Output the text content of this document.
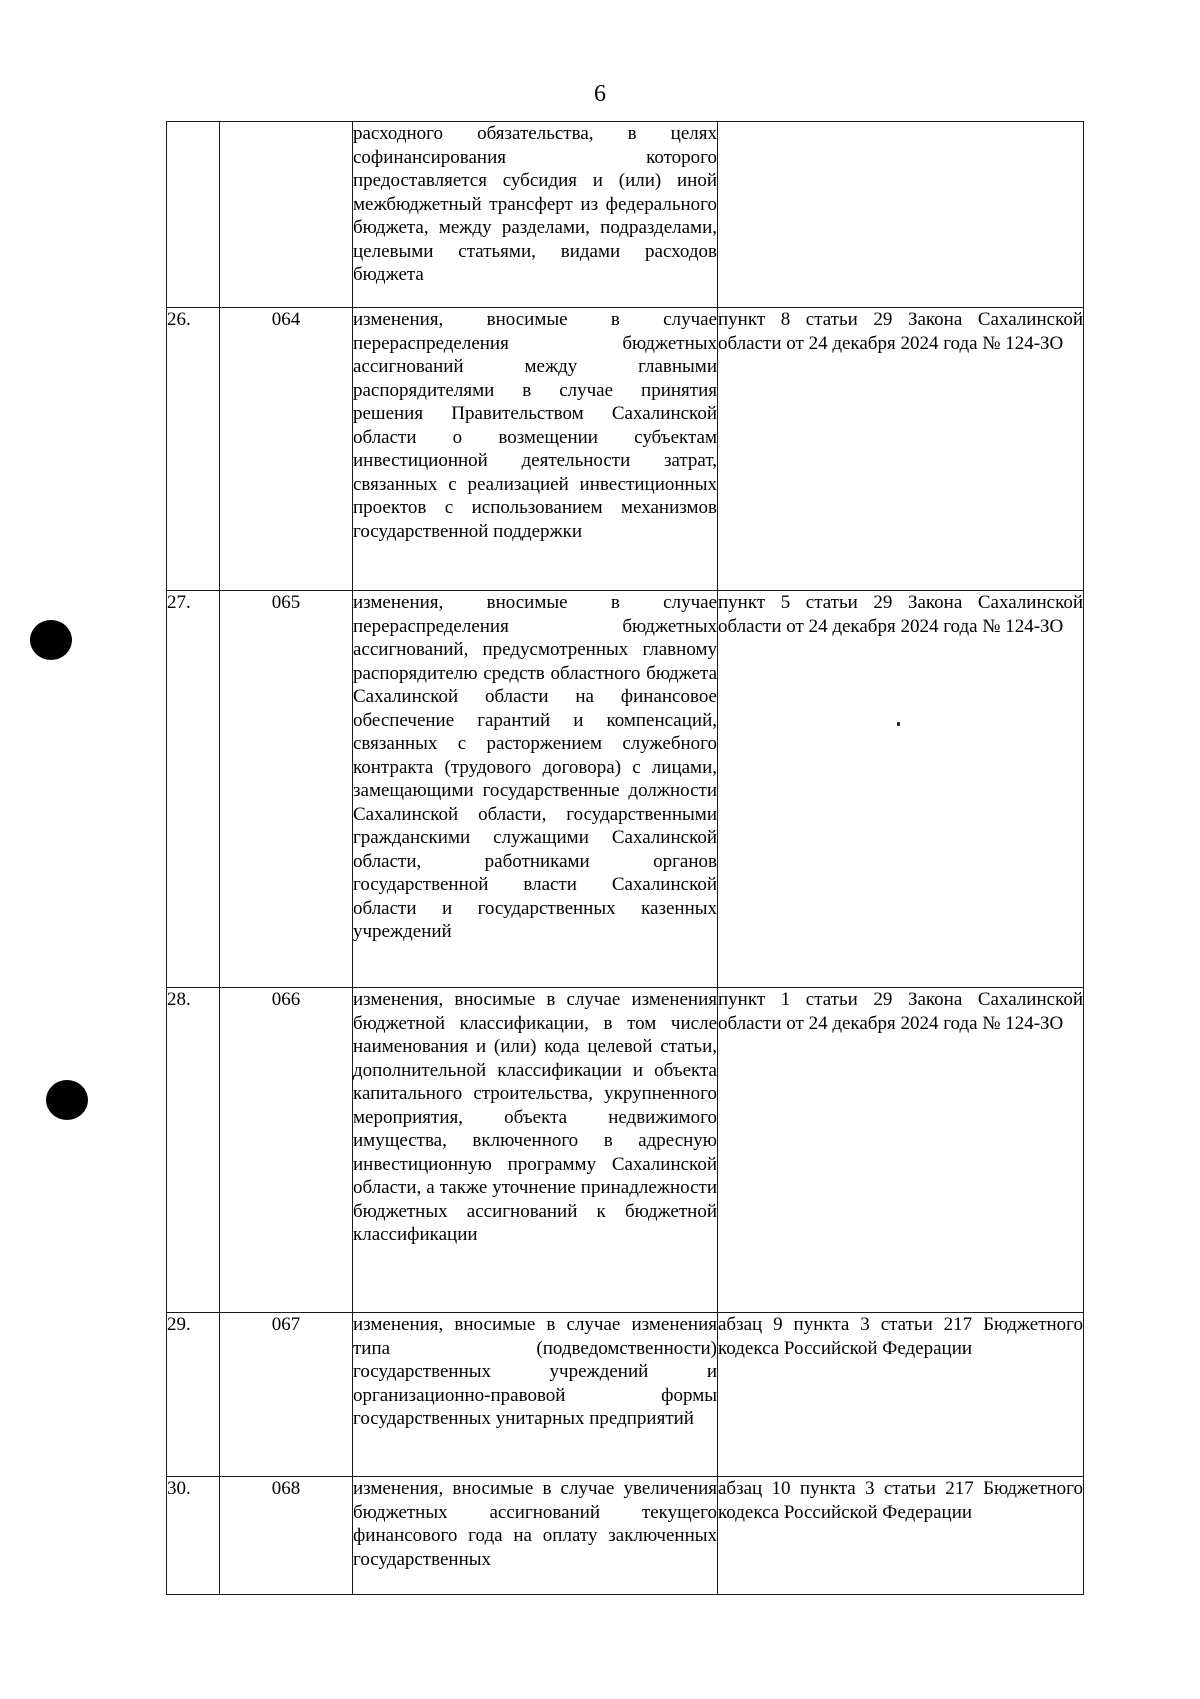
6
		расходного обязательства, в целях софинансирования которого предоставляется субсидия и (или) иной межбюджетный трансферт из федерального бюджета, между разделами, подразделами, целевыми статьями, видами расходов бюджета	
26.	064	изменения, вносимые в случае перераспределения бюджетных ассигнований между главными распорядителями в случае принятия решения Правительством Сахалинской области о возмещении субъектам инвестиционной деятельности затрат, связанных с реализацией инвестиционных проектов с использованием механизмов государственной поддержки	пункт 8 статьи 29 Закона Сахалинской области от 24 декабря 2024 года № 124-ЗО
27.	065	изменения, вносимые в случае перераспределения бюджетных ассигнований, предусмотренных главному распорядителю средств областного бюджета Сахалинской области на финансовое обеспечение гарантий и компенсаций, связанных с расторжением служебного контракта (трудового договора) с лицами, замещающими государственные должности Сахалинской области, государственными гражданскими служащими Сахалинской области, работниками органов государственной власти Сахалинской области и государственных казенных учреждений	пункт 5 статьи 29 Закона Сахалинской области от 24 декабря 2024 года № 124-ЗО
28.	066	изменения, вносимые в случае изменения бюджетной классификации, в том числе наименования и (или) кода целевой статьи, дополнительной классификации и объекта капитального строительства, укрупненного мероприятия, объекта недвижимого имущества, включенного в адресную инвестиционную программу Сахалинской области, а также уточнение принадлежности бюджетных ассигнований к бюджетной классификации	пункт 1 статьи 29 Закона Сахалинской области от 24 декабря 2024 года № 124-ЗО
29.	067	изменения, вносимые в случае изменения типа (подведомственности) государственных учреждений и организационно-правовой формы государственных унитарных предприятий	абзац 9 пункта 3 статьи 217 Бюджетного кодекса Российской Федерации
30.	068	изменения, вносимые в случае увеличения бюджетных ассигнований текущего финансового года на оплату заключенных государственных	абзац 10 пункта 3 статьи 217 Бюджетного кодекса Российской Федерации
